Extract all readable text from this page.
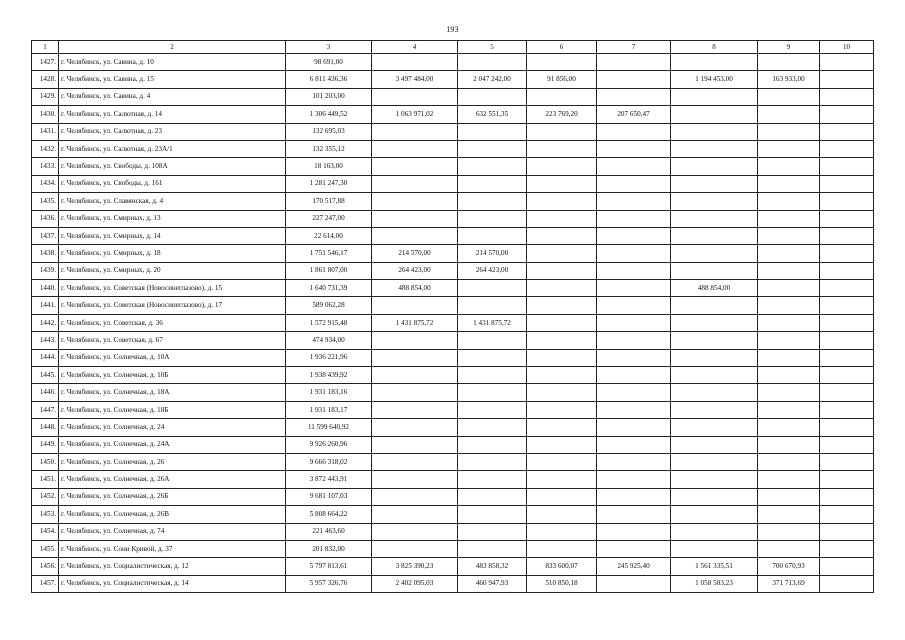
193
1	2	3	4	5	6	7	8	9	10
1427.	г. Челябинск, ул. Савина, д. 10	98 691,00							
1428.	г. Челябинск, ул. Савина, д. 15	6 811 436,36	3 497 484,00	2 047 242,00	91 856,00		1 194 453,00	163 933,00	
1429.	г. Челябинск, ул. Савина, д. 4	101 203,00							
1430.	г. Челябинск, ул. Салютная, д. 14	1 306 449,52	1 063 971,02	632 551,35	223 769,20	207 650,47			
1431.	г. Челябинск, ул. Салютная, д. 23	132 695,03							
1432.	г. Челябинск, ул. Салютная, д. 23А/1	132 355,12							
1433.	г. Челябинск, ул. Свободы, д. 108А	18 163,00							
1434.	г. Челябинск, ул. Свободы, д. 161	1 281 247,30							
1435.	г. Челябинск, ул. Славянская, д. 4	170 517,88							
1436.	г. Челябинск, ул. Смирных, д. 13	227 247,00							
1437.	г. Челябинск, ул. Смирных, д. 14	22 614,00							
1438.	г. Челябинск, ул. Смирных, д. 18	1 751 546,17	214 570,00	214 570,00					
1439.	г. Челябинск, ул. Смирных, д. 20	1 861 807,00	264 423,00	264 423,00					
1440.	г. Челябинск, ул. Советская (Новосинеглазово), д. 15	1 640 731,39	488 854,00				488 854,00		
1441.	г. Челябинск, ул. Советская (Новосинеглазово), д. 17	589 062,28							
1442.	г. Челябинск, ул. Советская, д. 36	1 572 915,48	1 431 875,72	1 431 875,72					
1443.	г. Челябинск, ул. Советская, д. 67	474 934,00							
1444.	г. Челябинск, ул. Солнечная, д. 10А	1 936 221,96							
1445.	г. Челябинск, ул. Солнечная, д. 10Б	1 938 439,92							
1446.	г. Челябинск, ул. Солнечная, д. 18А	1 931 183,16							
1447.	г. Челябинск, ул. Солнечная, д. 18Б	1 931 183,17							
1448.	г. Челябинск, ул. Солнечная, д. 24	11 599 640,92							
1449.	г. Челябинск, ул. Солнечная, д. 24А	9 926 260,96							
1450.	г. Челябинск, ул. Солнечная, д. 26	9 666 318,02							
1451.	г. Челябинск, ул. Солнечная, д. 26А	3 872 443,91							
1452.	г. Челябинск, ул. Солнечная, д. 26Б	9 681 107,03							
1453.	г. Челябинск, ул. Солнечная, д. 26В	5 808 664,22							
1454.	г. Челябинск, ул. Солнечная, д. 74	221 463,60							
1455.	г. Челябинск, ул. Сони Кривой, д. 37	201 832,00							
1456.	г. Челябинск, ул. Социалистическая, д. 12	5 797 813,61	3 825 390,23	483 858,32	833 600,07	245 925,40	1 561 335,51	700 670,93	
1457.	г. Челябинск, ул. Социалистическая, д. 14	5 957 326,76	2 402 095,03	460 947,93	510 850,18		1 058 583,23	371 713,69	
